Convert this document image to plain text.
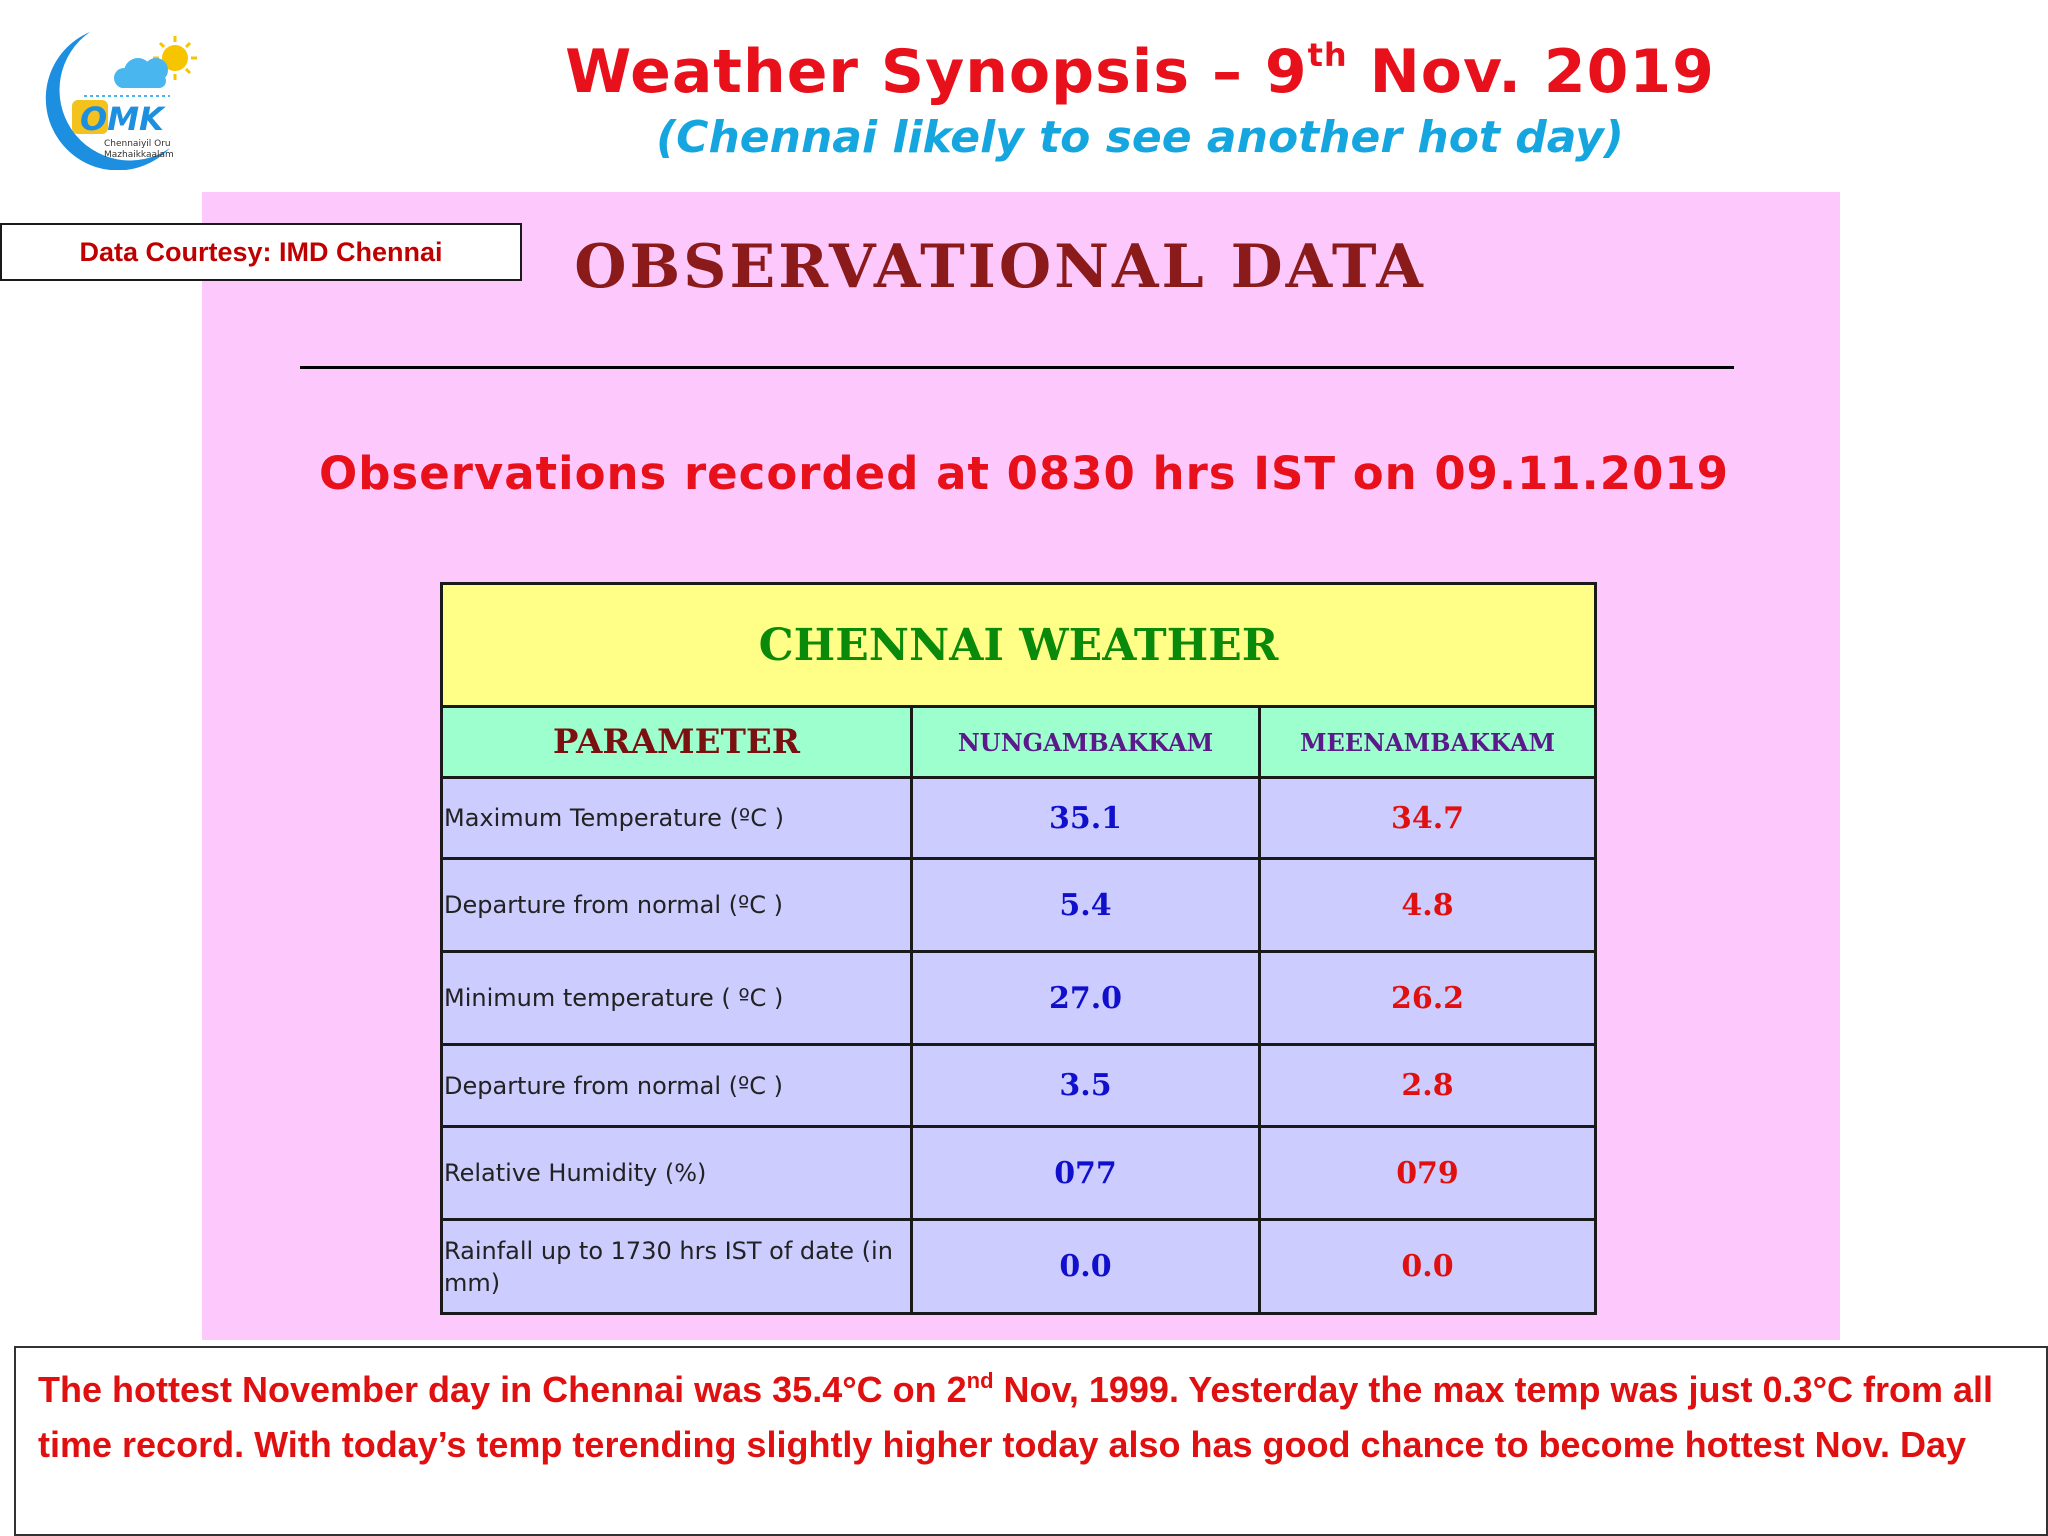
OMK
Chennaiyil Oru
Mazhaikkaalam
Weather Synopsis – 9th Nov. 2019
(Chennai likely to see another hot day)
Data Courtesy: IMD Chennai	OBSERVATIONAL DATA
Observations recorded at 0830 hrs IST on 09.11.2019
CHENNAI WEATHER		
PARAMETER	NUNGAMBAKKAM	MEENAMBAKKAM
Maximum Temperature (ºC )	35.1	34.7
Departure from normal (ºC )	5.4	4.8
Minimum temperature ( ºC )	27.0	26.2
Departure from normal (ºC )	3.5	2.8
Relative Humidity (%)	077	079
Rainfall up to 1730 hrs IST of date (in mm)	0.0	0.0
The hottest November day in Chennai was 35.4°C on 2nd Nov, 1999. Yesterday the max temp was just 0.3°C from all time record. With today’s temp terending slightly higher today also has good chance to become hottest Nov. Day
